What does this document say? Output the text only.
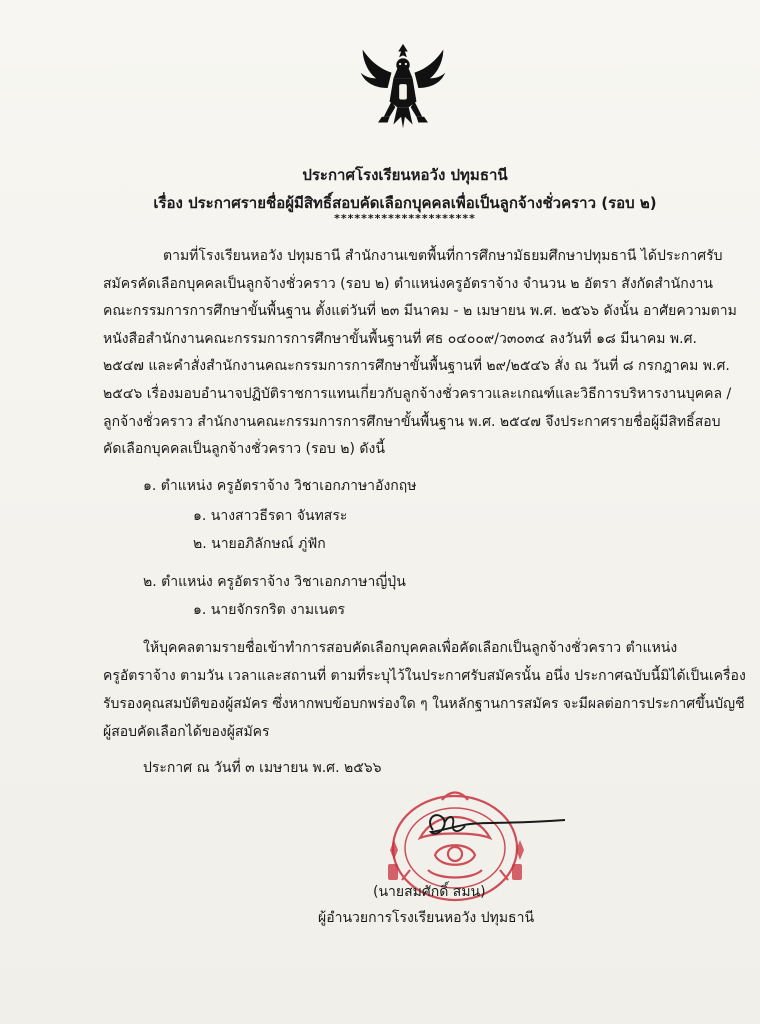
ประกาศโรงเรียนหอวัง ปทุมธานี
เรื่อง ประกาศรายชื่อผู้มีสิทธิ์สอบคัดเลือกบุคคลเพื่อเป็นลูกจ้างชั่วคราว (รอบ ๒)
*********************
ตามที่โรงเรียนหอวัง ปทุมธานี สำนักงานเขตพื้นที่การศึกษามัธยมศึกษาปทุมธานี ได้ประกาศรับ
สมัครคัดเลือกบุคคลเป็นลูกจ้างชั่วคราว (รอบ ๒) ตำแหน่งครูอัตราจ้าง จำนวน ๒ อัตรา สังกัดสำนักงาน
คณะกรรมการการศึกษาขั้นพื้นฐาน ตั้งแต่วันที่ ๒๓ มีนาคม - ๒ เมษายน พ.ศ. ๒๕๖๖ ดังนั้น อาศัยความตาม
หนังสือสำนักงานคณะกรรมการการศึกษาขั้นพื้นฐานที่ ศธ ๐๔๐๐๙/ว๓๐๓๔ ลงวันที่ ๑๘ มีนาคม พ.ศ.
๒๕๔๗ และคำสั่งสำนักงานคณะกรรมการการศึกษาขั้นพื้นฐานที่ ๒๙/๒๕๔๖ สั่ง ณ วันที่ ๘ กรกฎาคม พ.ศ.
๒๕๔๖ เรื่องมอบอำนาจปฏิบัติราชการแทนเกี่ยวกับลูกจ้างชั่วคราวและเกณฑ์และวิธีการบริหารงานบุคคล /
ลูกจ้างชั่วคราว สำนักงานคณะกรรมการการศึกษาขั้นพื้นฐาน พ.ศ. ๒๕๔๗ จึงประกาศรายชื่อผู้มีสิทธิ์สอบ
คัดเลือกบุคคลเป็นลูกจ้างชั่วคราว (รอบ ๒) ดังนี้
๑. ตำแหน่ง ครูอัตราจ้าง วิชาเอกภาษาอังกฤษ
๑. นางสาวธีรดา จันทสระ
๒. นายอภิลักษณ์ ภู่ฟัก
๒. ตำแหน่ง ครูอัตราจ้าง วิชาเอกภาษาญี่ปุ่น
๑. นายจักรกริต งามเนตร
ให้บุคคลตามรายชื่อเข้าทำการสอบคัดเลือกบุคคลเพื่อคัดเลือกเป็นลูกจ้างชั่วคราว ตำแหน่ง
ครูอัตราจ้าง ตามวัน เวลาและสถานที่ ตามที่ระบุไว้ในประกาศรับสมัครนั้น อนึ่ง ประกาศฉบับนี้มิได้เป็นเครื่อง
รับรองคุณสมบัติของผู้สมัคร ซึ่งหากพบข้อบกพร่องใด ๆ ในหลักฐานการสมัคร จะมีผลต่อการประกาศขึ้นบัญชี
ผู้สอบคัดเลือกได้ของผู้สมัคร
ประกาศ ณ วันที่ ๓ เมษายน พ.ศ. ๒๕๖๖
(นายสมศักดิ์ สมน)
ผู้อำนวยการโรงเรียนหอวัง ปทุมธานี
